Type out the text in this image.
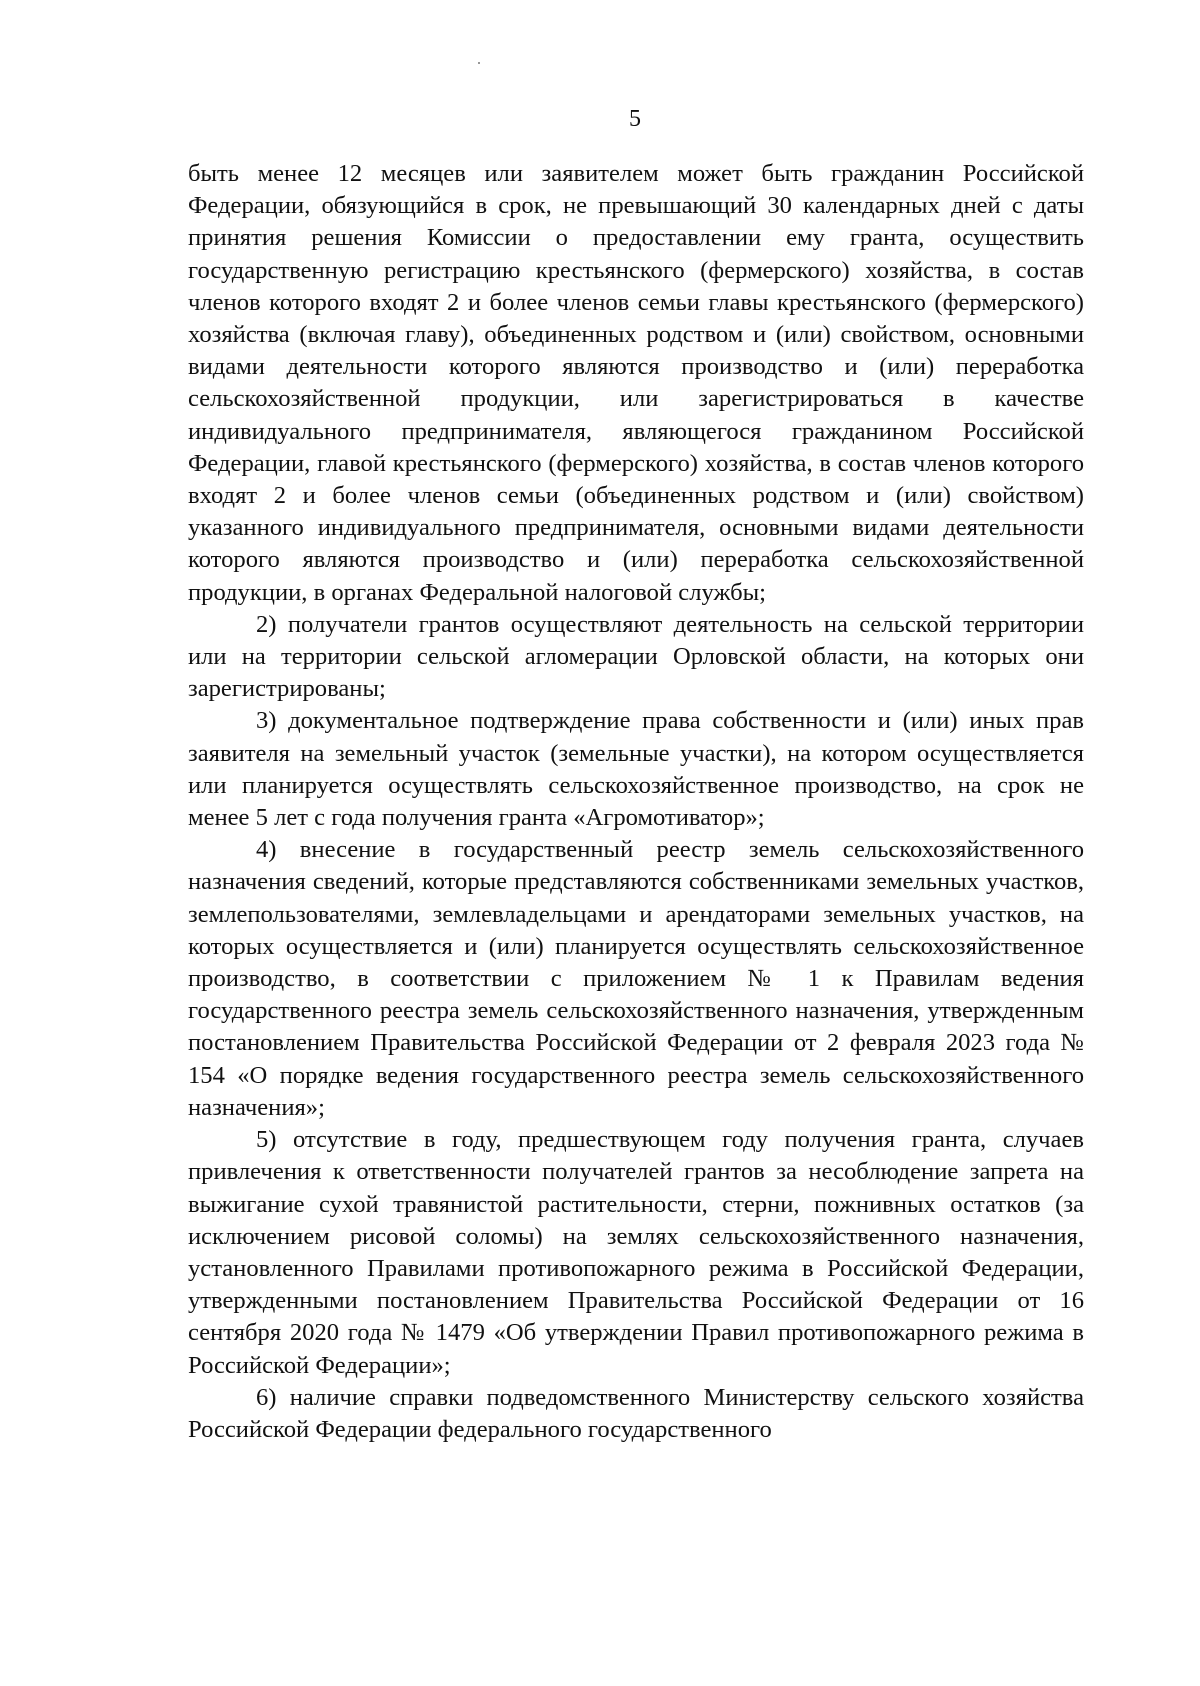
5

быть менее 12 месяцев или заявителем может быть гражданин Российской Федерации, обязующийся в срок, не превышающий 30 календарных дней с даты принятия решения Комиссии о предоставлении ему гранта, осуществить государственную регистрацию крестьянского (фермерского) хозяйства, в состав членов которого входят 2 и более членов семьи главы крестьянского (фермерского) хозяйства (включая главу), объединенных родством и (или) свойством, основными видами деятельности которого являются производство и (или) переработка сельскохозяйственной продукции, или зарегистрироваться в качестве индивидуального предпринимателя, являющегося гражданином Российской Федерации, главой крестьянского (фермерского) хозяйства, в состав членов которого входят 2 и более членов семьи (объединенных родством и (или) свойством) указанного индивидуального предпринимателя, основными видами деятельности которого являются производство и (или) переработка сельскохозяйственной продукции, в органах Федеральной налоговой службы;

2) получатели грантов осуществляют деятельность на сельской территории или на территории сельской агломерации Орловской области, на которых они зарегистрированы;

3) документальное подтверждение права собственности и (или) иных прав заявителя на земельный участок (земельные участки), на котором осуществляется или планируется осуществлять сельскохозяйственное производство, на срок не менее 5 лет с года получения гранта «Агромотиватор»;

4) внесение в государственный реестр земель сельскохозяйственного назначения сведений, которые представляются собственниками земельных участков, землепользователями, землевладельцами и арендаторами земельных участков, на которых осуществляется и (или) планируется осуществлять сельскохозяйственное производство, в соответствии с приложением № 1 к Правилам ведения государственного реестра земель сельскохозяйственного назначения, утвержденным постановлением Правительства Российской Федерации от 2 февраля 2023 года № 154 «О порядке ведения государственного реестра земель сельскохозяйственного назначения»;

5) отсутствие в году, предшествующем году получения гранта, случаев привлечения к ответственности получателей грантов за несоблюдение запрета на выжигание сухой травянистой растительности, стерни, пожнивных остатков (за исключением рисовой соломы) на землях сельскохозяйственного назначения, установленного Правилами противопожарного режима в Российской Федерации, утвержденными постановлением Правительства Российской Федерации от 16 сентября 2020 года № 1479 «Об утверждении Правил противопожарного режима в Российской Федерации»;

6) наличие справки подведомственного Министерству сельского хозяйства Российской Федерации федерального государственного
